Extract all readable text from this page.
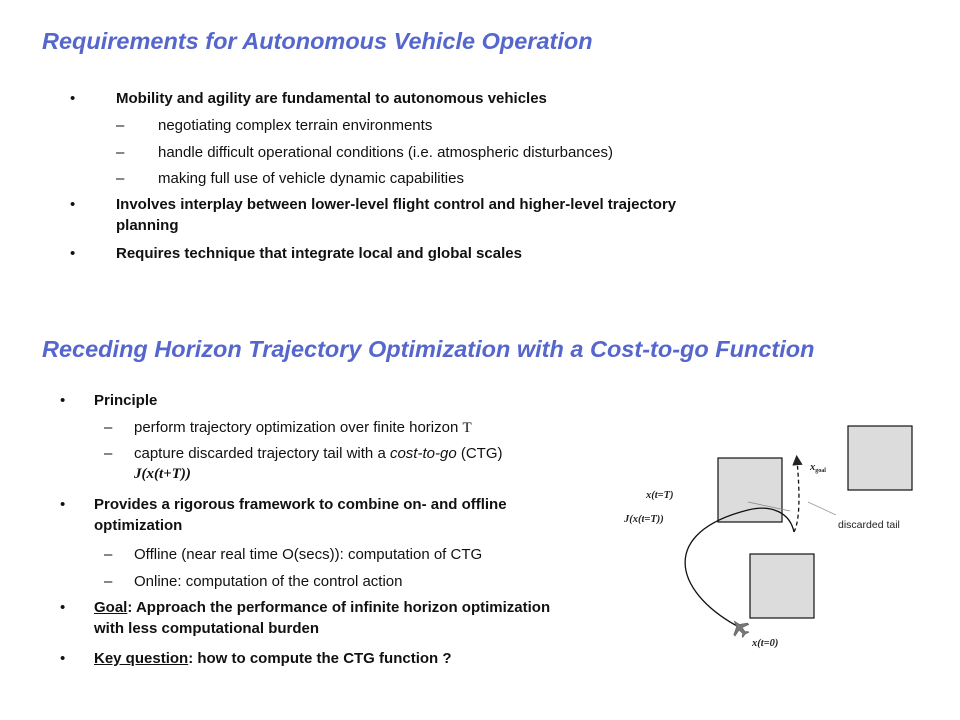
Requirements for Autonomous Vehicle Operation
•	Mobility and agility are fundamental to autonomous vehicles
– negotiating complex terrain environments
– handle difficult operational conditions (i.e. atmospheric disturbances)
– making full use of vehicle dynamic capabilities
•	Involves interplay between lower-level flight control and higher-level trajectory
planning
•	Requires technique that integrate local and global scales
Receding Horizon Trajectory Optimization with a Cost-to-go Function
• Principle
– perform trajectory optimization over finite horizon T
– capture discarded trajectory tail with a cost-to-go (CTG)
J(x(t+T))
• Provides a rigorous framework to combine on- and offline
optimization
– Offline (near real time O(secs)): computation of CTG
– Online: computation of the control action
• Goal: Approach the performance of infinite horizon optimization
with less computational burden
• Key question: how to compute the CTG function ?
x(t=T)
J(x(t=T))
xgoal
discarded tail
x(t=0)
